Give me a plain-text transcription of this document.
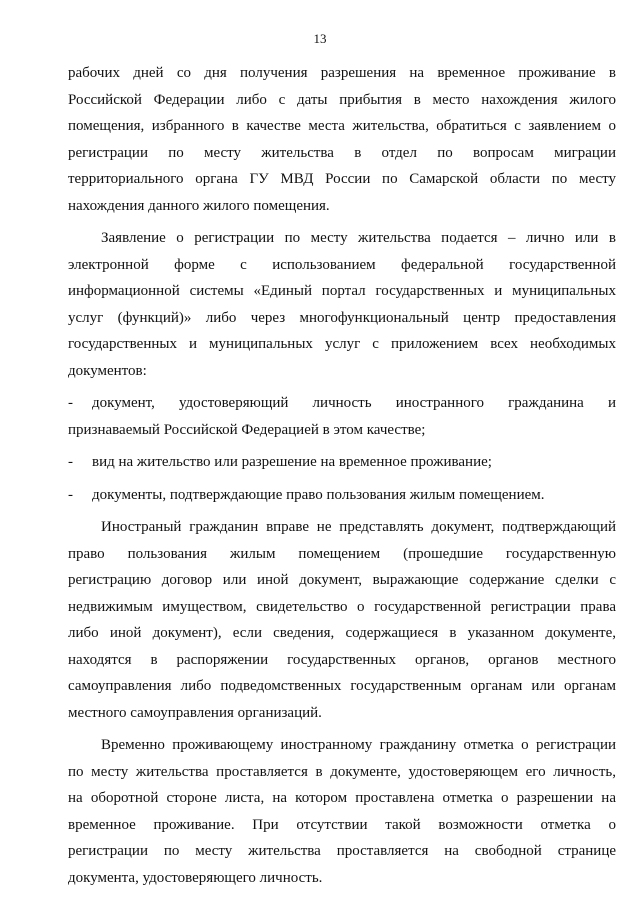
13
рабочих дней со дня получения разрешения на временное проживание в
Российской Федерации либо с даты прибытия в место нахождения жилого
помещения, избранного в качестве места жительства, обратиться с заявлением о
регистрации по месту жительства в отдел по вопросам миграции
территориального органа ГУ МВД России по Самарской области по месту
нахождения данного жилого помещения.
Заявление о регистрации по месту жительства подается – лично или в
электронной форме с использованием федеральной государственной
информационной системы «Единый портал государственных и муниципальных
услуг (функций)» либо через многофункциональный центр предоставления
государственных и муниципальных услуг с приложением всех необходимых
документов:
- документ, удостоверяющий личность иностранного гражданина и
признаваемый Российской Федерацией в этом качестве;
- вид на жительство или разрешение на временное проживание;
- документы, подтверждающие право пользования жилым помещением.
Иностраный гражданин вправе не представлять документ, подтверждающий
право пользования жилым помещением (прошедшие государственную
регистрацию договор или иной документ, выражающие содержание сделки с
недвижимым имуществом, свидетельство о государственной регистрации права
либо иной документ), если сведения, содержащиеся в указанном документе,
находятся в распоряжении государственных органов, органов местного
самоуправления либо подведомственных государственным органам или органам
местного самоуправления организаций.
Временно проживающему иностранному гражданину отметка о регистрации
по месту жительства проставляется в документе, удостоверяющем его личность,
на оборотной стороне листа, на котором проставлена отметка о разрешении на
временное проживание. При отсутствии такой возможности отметка о
регистрации по месту жительства проставляется на свободной странице
документа, удостоверяющего личность.
